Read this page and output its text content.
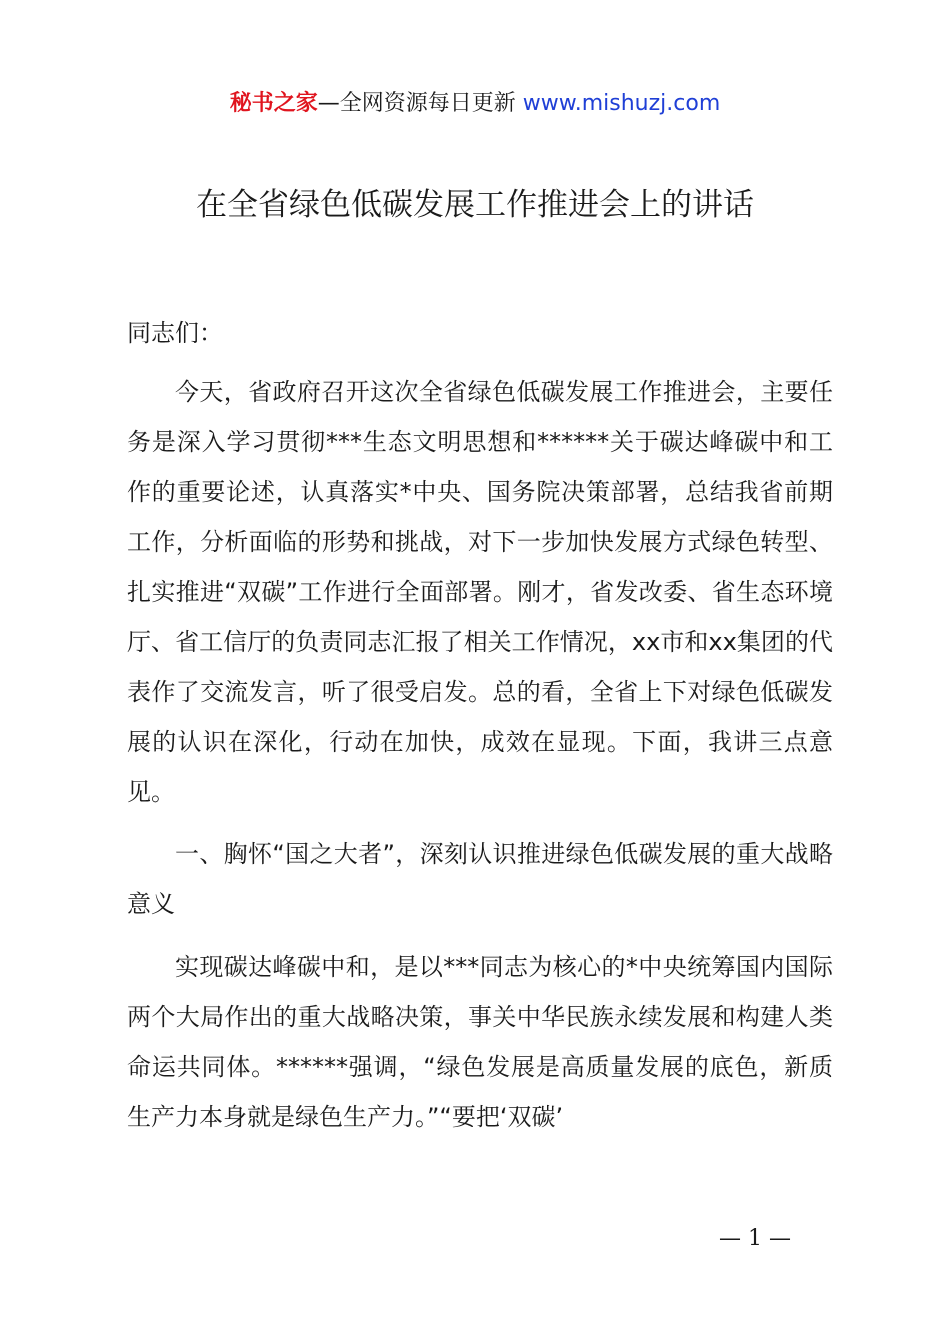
秘书之家—全网资源每日更新 www.mishuzj.com
在全省绿色低碳发展工作推进会上的讲话
同志们：
今天，省政府召开这次全省绿色低碳发展工作推进会，主要任务是深入学习贯彻***生态文明思想和******关于碳达峰碳中和工作的重要论述，认真落实*中央、国务院决策部署，总结我省前期工作，分析面临的形势和挑战，对下一步加快发展方式绿色转型、扎实推进“双碳”工作进行全面部署。刚才，省发改委、省生态环境厅、省工信厅的负责同志汇报了相关工作情况，xx市和xx集团的代表作了交流发言，听了很受启发。总的看，全省上下对绿色低碳发展的认识在深化，行动在加快，成效在显现。下面，我讲三点意见。
一、胸怀“国之大者”，深刻认识推进绿色低碳发展的重大战略意义
实现碳达峰碳中和，是以***同志为核心的*中央统筹国内国际两个大局作出的重大战略决策，事关中华民族永续发展和构建人类命运共同体。******强调，“绿色发展是高质量发展的底色，新质生产力本身就是绿色生产力。”“要把‘双碳’
— 1 —
